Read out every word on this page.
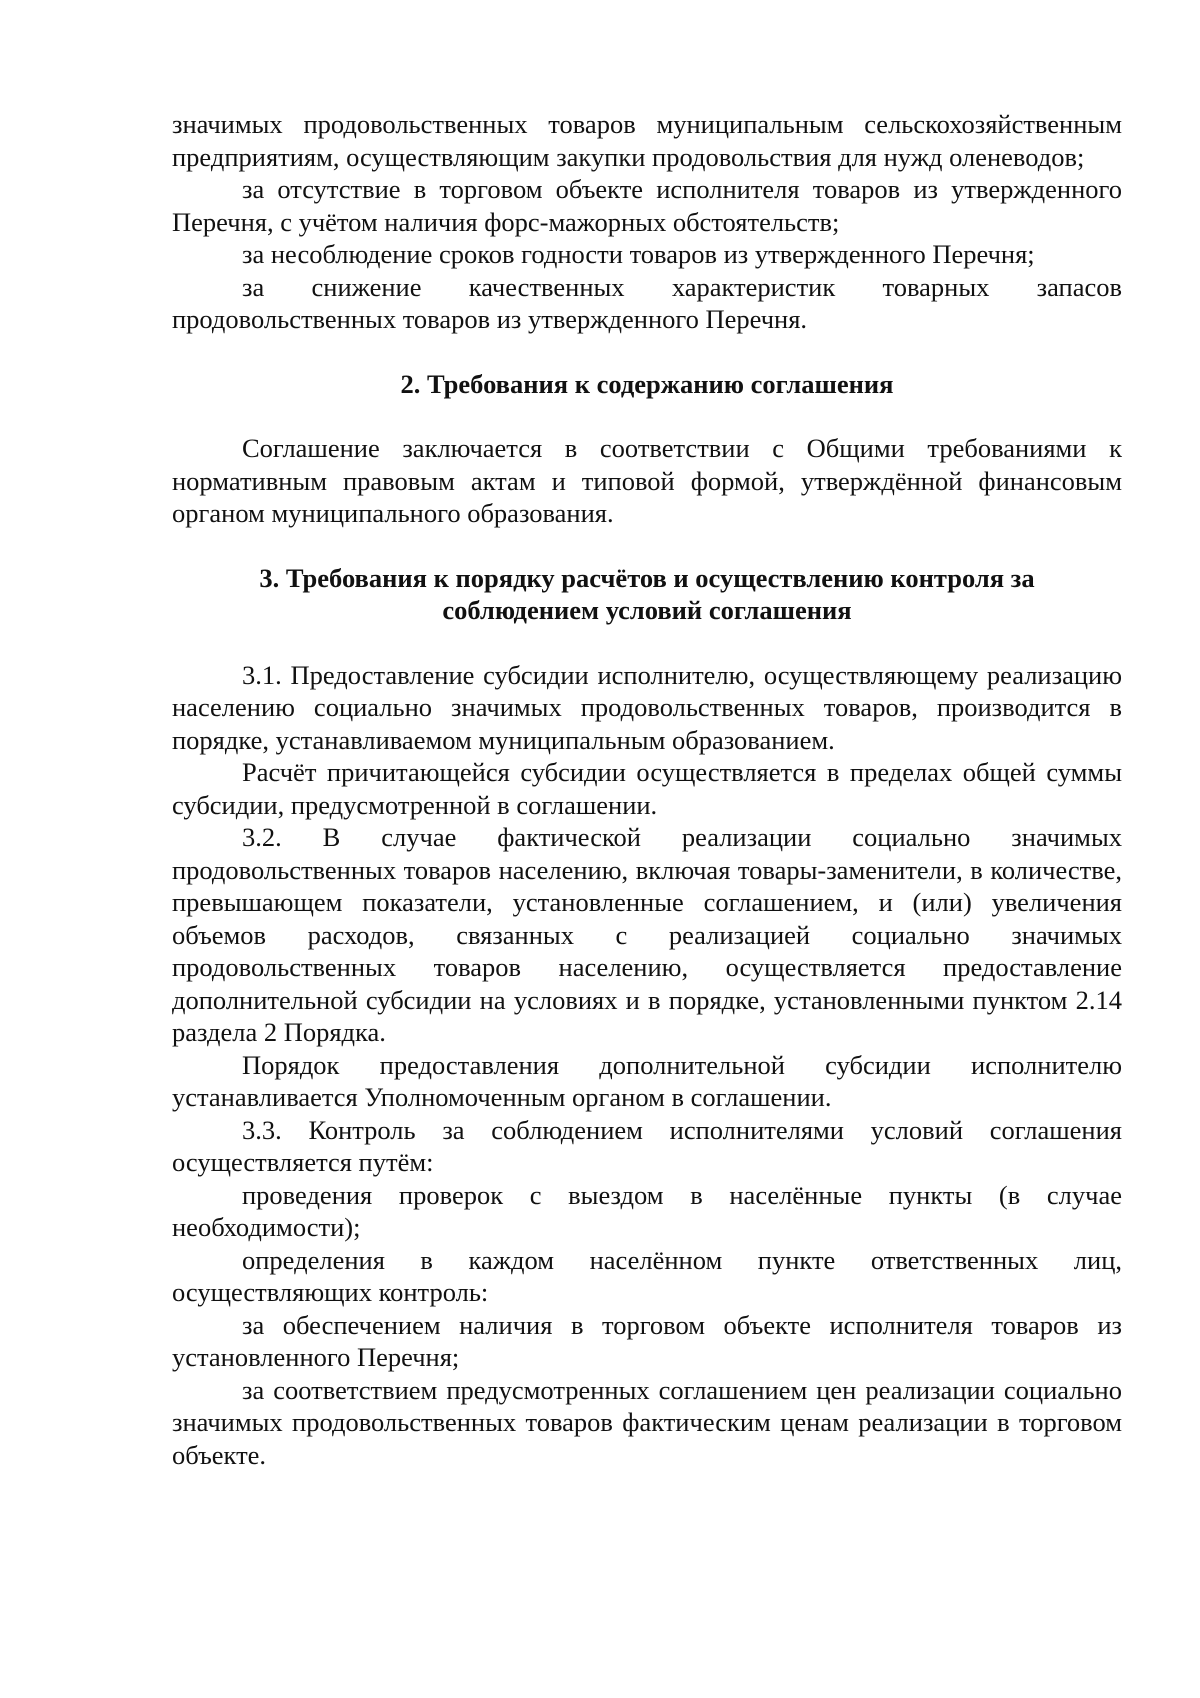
значимых продовольственных товаров муниципальным сельскохозяйственным предприятиям, осуществляющим закупки продовольствия для нужд оленеводов;

за отсутствие в торговом объекте исполнителя товаров из утвержденного Перечня, с учётом наличия форс-мажорных обстоятельств;

за несоблюдение сроков годности товаров из утвержденного Перечня;

за снижение качественных характеристик товарных запасов продовольственных товаров из утвержденного Перечня.

2. Требования к содержанию соглашения

Соглашение заключается в соответствии с Общими требованиями к нормативным правовым актам и типовой формой, утверждённой финансовым органом муниципального образования.

3. Требования к порядку расчётов и осуществлению контроля за

соблюдением условий соглашения

3.1. Предоставление субсидии исполнителю, осуществляющему реализацию населению социально значимых продовольственных товаров, производится в порядке, устанавливаемом муниципальным образованием.

Расчёт причитающейся субсидии осуществляется в пределах общей суммы субсидии, предусмотренной в соглашении.

3.2. В случае фактической реализации социально значимых продовольственных товаров населению, включая товары-заменители, в количестве, превышающем показатели, установленные соглашением, и (или) увеличения объемов расходов, связанных с реализацией социально значимых продовольственных товаров населению, осуществляется предоставление дополнительной субсидии на условиях и в порядке, установленными пунктом 2.14 раздела 2 Порядка.

Порядок предоставления дополнительной субсидии исполнителю устанавливается Уполномоченным органом в соглашении.

3.3. Контроль за соблюдением исполнителями условий соглашения осуществляется путём:

проведения проверок с выездом в населённые пункты (в случае необходимости);

определения в каждом населённом пункте ответственных лиц, осуществляющих контроль:

за обеспечением наличия в торговом объекте исполнителя товаров из установленного Перечня;

за соответствием предусмотренных соглашением цен реализации социально значимых продовольственных товаров фактическим ценам реализации в торговом объекте.
